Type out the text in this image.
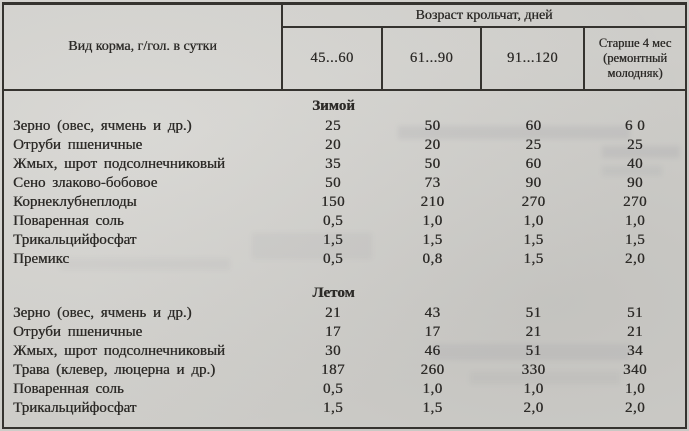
Вид корма, г/гол. в сутки
Возраст крольчат, дней
45...60	61...90	91...120
Старше 4 мес (ремонтный молодняк)
Зимой
Зерно (овес, ячмень и др.)	25	50	60	6 0
Отруби пшеничные	20	20	25	25
Жмых, шрот подсолнечниковый	35	50	60	40
Сено злаково-бобовое	50	73	90	90
Корнеклубнеплоды	150	210	270	270
Поваренная соль	0,5	1,0	1,0	1,0
Трикальцийфосфат	1,5	1,5	1,5	1,5
Премикс	0,5	0,8	1,5	2,0
Летом
Зерно (овес, ячмень и др.)	21	43	51	51
Отруби пшеничные	17	17	21	21
Жмых, шрот подсолнечниковый	30	46	51	34
Трава (клевер, люцерна и др.)	187	260	330	340
Поваренная соль	0,5	1,0	1,0	1,0
Трикальцийфосфат	1,5	1,5	2,0	2,0
